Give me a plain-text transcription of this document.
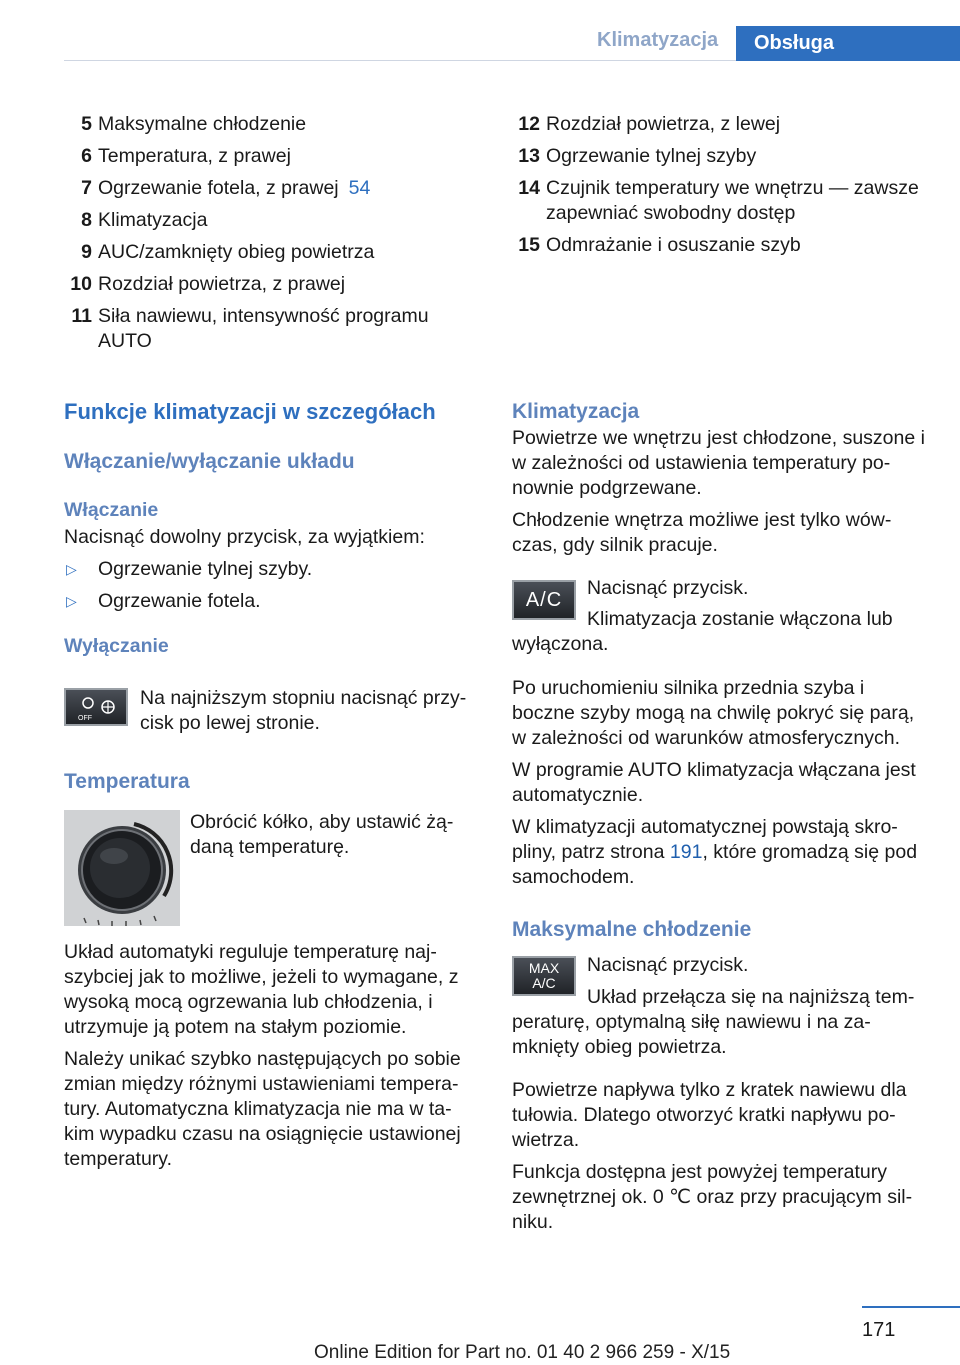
Klimatyzacja Obsługa
5 Maksymalne chłodzenie
6 Temperatura, z prawej
7 Ogrzewanie fotela, z prawej 54
8 Klimatyzacja
9 AUC/zamknięty obieg powietrza
10 Rozdział powietrza, z prawej
11 Siła nawiewu, intensywność programu AUTO
12 Rozdział powietrza, z lewej
13 Ogrzewanie tylnej szyby
14 Czujnik temperatury we wnętrzu — zawsze zapewniać swobodny dostęp
15 Odmrażanie i osuszanie szyb
Funkcje klimatyzacji w szczegółach
Włączanie/wyłączanie układu
Włączanie

Nacisnąć dowolny przycisk, za wyjątkiem:

▷ Ogrzewanie tylnej szyby.
▷ Ogrzewanie fotela.
Wyłączanie
OFF

Na najniższym stopniu nacisnąć przy-cisk po lewej stronie.

Temperatura

Obrócić kółko, aby ustawić żą-daną temperaturę.

Układ automatyki reguluje temperaturę naj-szybciej jak to możliwe, jeżeli to wymagane, z wysoką mocą ogrzewania lub chłodzenia, i utrzymuje ją potem na stałym poziomie.

Należy unikać szybko następujących po sobie zmian między różnymi ustawieniami tempera-tury. Automatyczna klimatyzacja nie ma w ta-kim wypadku czasu na osiągnięcie ustawionej temperatury.

Klimatyzacja

Powietrze we wnętrzu jest chłodzone, suszone i w zależności od ustawienia temperatury po-nownie podgrzewane.

Chłodzenie wnętrza możliwe jest tylko wów-czas, gdy silnik pracuje.

A/C

Nacisnąć przycisk.

Klimatyzacja zostanie włączona lub wyłączona.

Po uruchomieniu silnika przednia szyba i boczne szyby mogą na chwilę pokryć się parą, w zależności od warunków atmosferycznych.

W programie AUTO klimatyzacja włączana jest automatycznie.

W klimatyzacji automatycznej powstają skro-pliny, patrz strona 191, które gromadzą się pod samochodem.

Maksymalne chłodzenie
MAX
A/C

Nacisnąć przycisk.

Układ przełącza się na najniższą tem-peraturę, optymalną siłę nawiewu i na za-mknięty obieg powietrza.

Powietrze napływa tylko z kratek nawiewu dla tułowia. Dlatego otworzyć kratki napływu po-wietrza.

Funkcja dostępna jest powyżej temperatury zewnętrznej ok. 0 ℃ oraz przy pracującym sil-niku.

171
Online Edition for Part no. 01 40 2 966 259 - X/15
